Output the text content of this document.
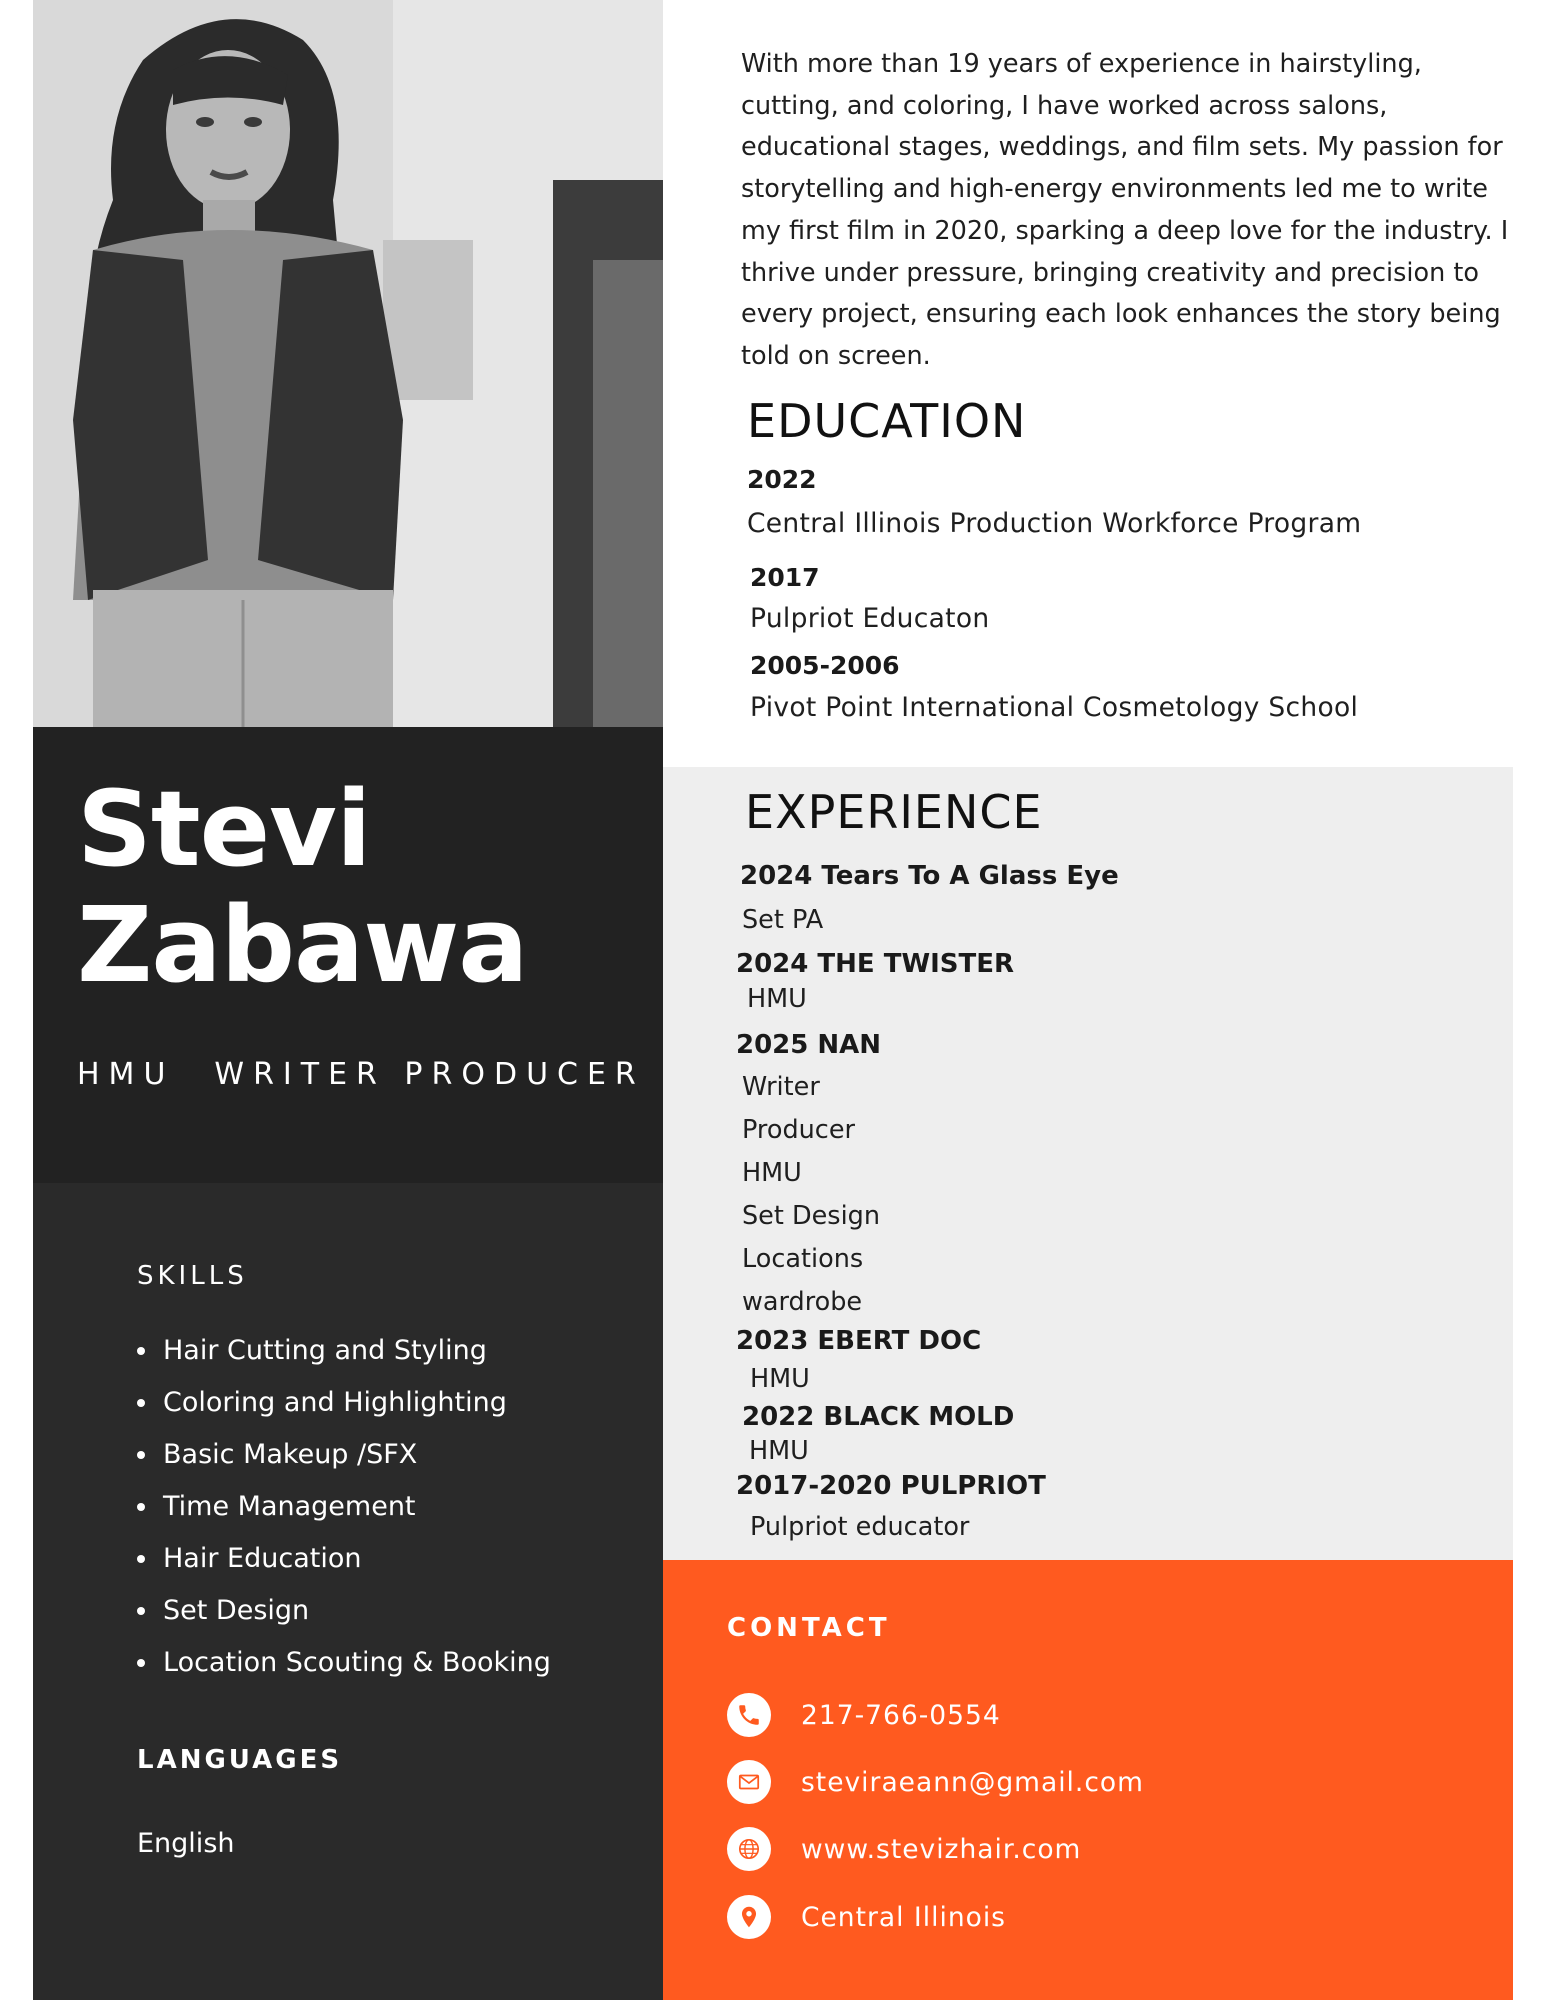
Stevi
Zabawa
HMU WRITER PRODUCER
SKILLS
Hair Cutting and Styling
Coloring and Highlighting
Basic Makeup /SFX
Time Management
Hair Education
Set Design
Location Scouting & Booking
LANGUAGES
English

With more than 19 years of experience in hairstyling, cutting, and coloring, I have worked across salons, educational stages, weddings, and film sets. My passion for storytelling and high-energy environments led me to write my first film in 2020, sparking a deep love for the industry. I thrive under pressure, bringing creativity and precision to every project, ensuring each look enhances the story being told on screen.

EDUCATION
2022
Central Illinois Production Workforce Program
2017
Pulpriot Educaton
2005-2006
Pivot Point International Cosmetology School
EXPERIENCE
2024 Tears To A Glass Eye
Set PA
2024 THE TWISTER
HMU
2025 NAN
Writer
Producer
HMU
Set Design
Locations
wardrobe
2023 EBERT DOC
HMU
2022 BLACK MOLD
HMU
2017-2020 PULPRIOT
Pulpriot educator
CONTACT
217-766-0554
steviraeann@gmail.com
www.stevizhair.com
Central Illinois
